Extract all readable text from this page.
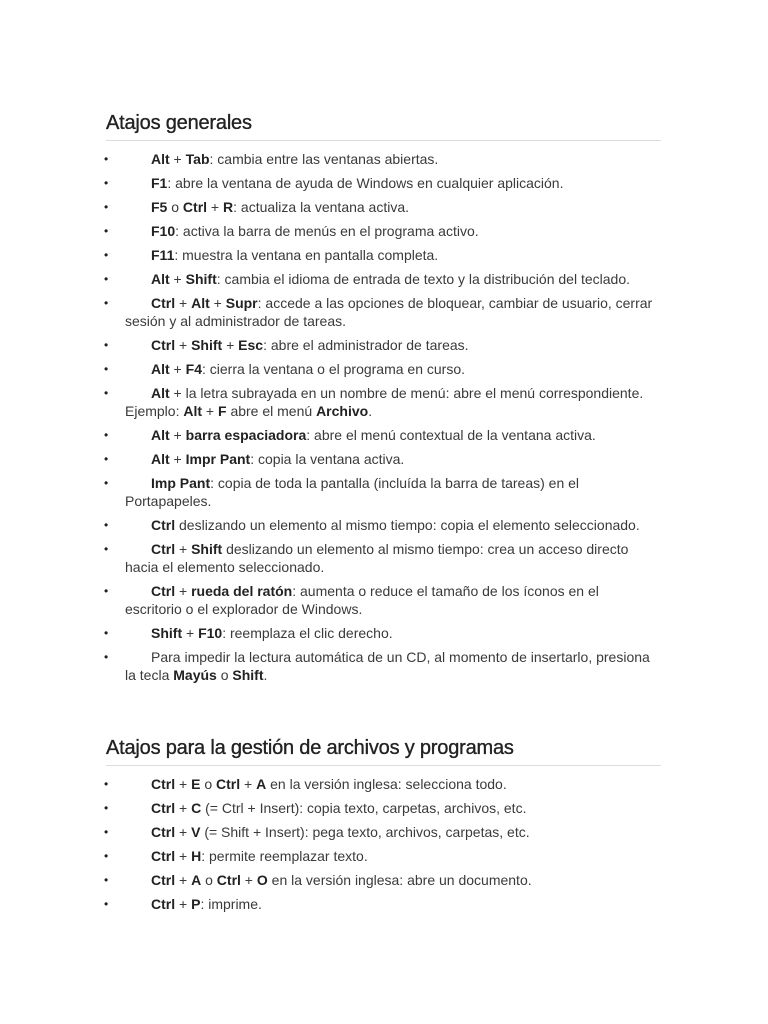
Atajos generales
•	Alt + Tab: cambia entre las ventanas abiertas.
•	F1: abre la ventana de ayuda de Windows en cualquier aplicación.
•	F5 o Ctrl + R: actualiza la ventana activa.
•	F10: activa la barra de menús en el programa activo.
•	F11: muestra la ventana en pantalla completa.
•	Alt + Shift: cambia el idioma de entrada de texto y la distribución del teclado.
•	Ctrl + Alt + Supr: accede a las opciones de bloquear, cambiar de usuario, cerrar sesión y al administrador de tareas.
•	Ctrl + Shift + Esc: abre el administrador de tareas.
•	Alt + F4: cierra la ventana o el programa en curso.
•	Alt + la letra subrayada en un nombre de menú: abre el menú correspondiente. Ejemplo: Alt + F abre el menú Archivo.
•	Alt + barra espaciadora: abre el menú contextual de la ventana activa.
•	Alt + Impr Pant: copia la ventana activa.
•	Imp Pant: copia de toda la pantalla (incluída la barra de tareas) en el Portapapeles.
•	Ctrl deslizando un elemento al mismo tiempo: copia el elemento seleccionado.
•	Ctrl + Shift deslizando un elemento al mismo tiempo: crea un acceso directo hacia el elemento seleccionado.
•	Ctrl + rueda del ratón: aumenta o reduce el tamaño de los íconos en el escritorio o el explorador de Windows.
•	Shift + F10: reemplaza el clic derecho.
•	Para impedir la lectura automática de un CD, al momento de insertarlo, presiona la tecla Mayús o Shift.
Atajos para la gestión de archivos y programas
•	Ctrl + E o Ctrl + A en la versión inglesa: selecciona todo.
•	Ctrl + C (= Ctrl + Insert): copia texto, carpetas, archivos, etc.
•	Ctrl + V (= Shift + Insert): pega texto, archivos, carpetas, etc.
•	Ctrl + H: permite reemplazar texto.
•	Ctrl + A o Ctrl + O en la versión inglesa: abre un documento.
•	Ctrl + P: imprime.
